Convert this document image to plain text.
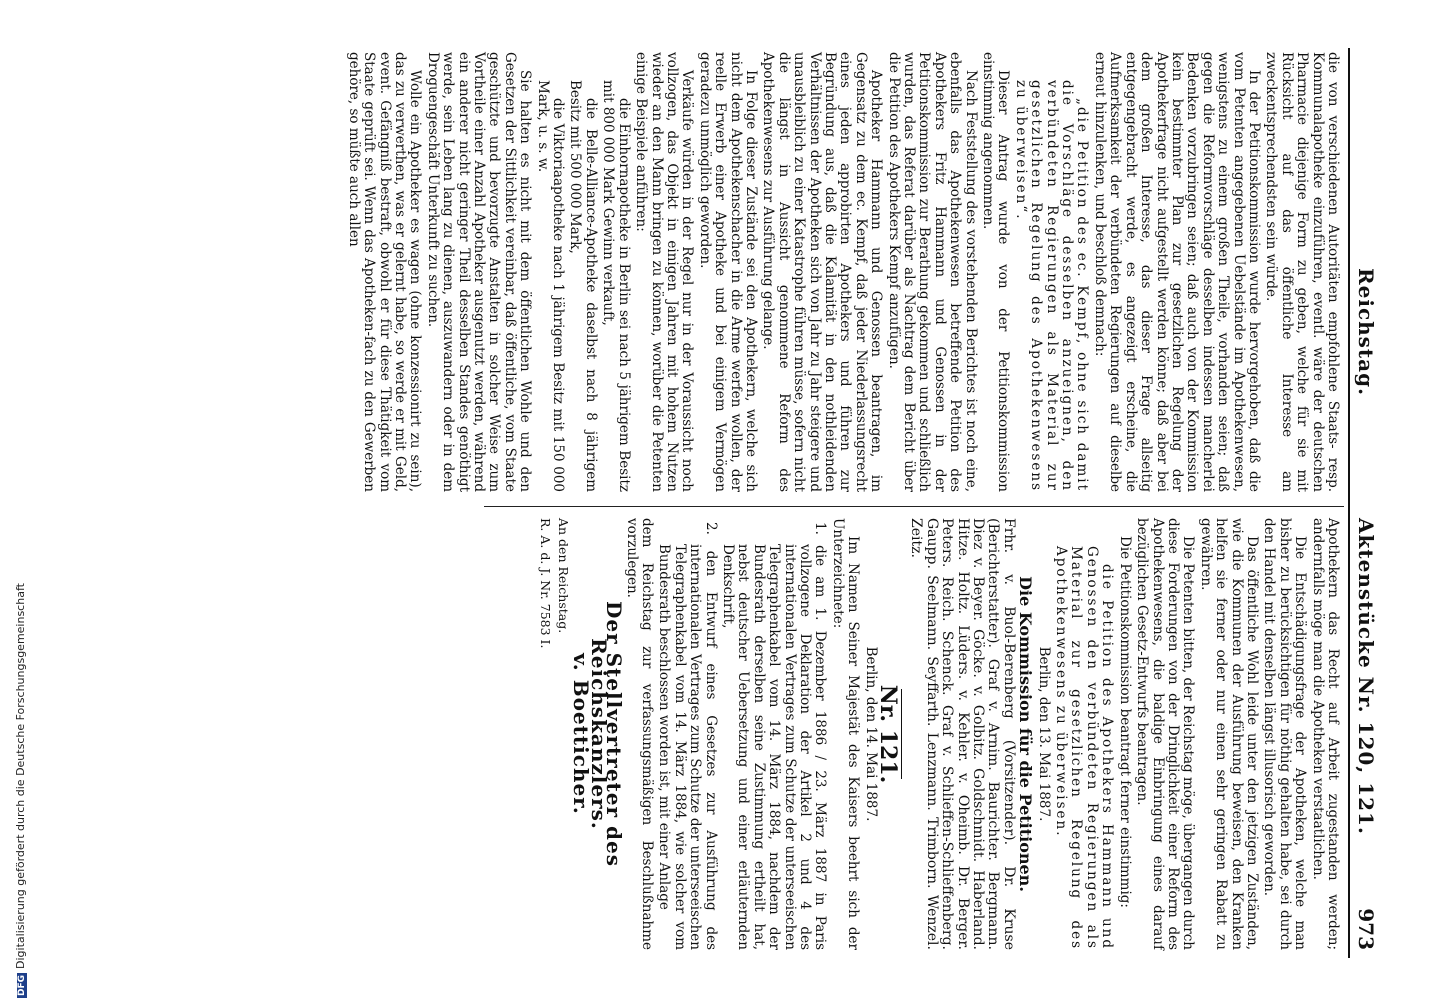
DFGDigitalisierung gefördert durch die Deutsche Forschungsgemeinschaft
Reichstag.
Aktenstücke Nr. 120, 121.
973

die von verschiedenen Autoritäten empfohlene Staats- resp. Kommunalapotheke einzuführen, eventl. wäre der deutschen Pharmacie diejenige Form zu geben, welche für sie mit Rücksicht auf das öffentliche Interesse am zweckentsprechendsten sein würde.

In der Petitionskommission wurde hervorgehoben, daß die vom Petenten angegebenen Uebelstände im Apothekenwesen, wenigstens zu einem großen Theile, vorhanden seien; daß gegen die Reformvorschläge desselben indessen mancherlei Bedenken vorzubringen seien; daß auch von der Kommission kein bestimmter Plan zur gesetzlichen Regelung der Apothekerfrage nicht aufgestellt werden könne; daß aber bei dem großen Interesse, das dieser Frage allseitig entgegengebracht werde, es angezeigt erscheine, die Aufmerksamkeit der verbündeten Regierungen auf dieselbe erneut hinzulenken, und beschloß demnach:

„die Petition des ec. Kempf, ohne sich damit die Vorschläge desselben anzueignen, den verbündeten Regierungen als Material zur gesetzlichen Regelung des Apothekenwesens zu überweisen“.

Dieser Antrag wurde von der Petitionskommission einstimmig angenommen.

Nach Feststellung des vorstehenden Berichtes ist noch eine, ebenfalls das Apothekenwesen betreffende Petition des Apothekers Fritz Hammann und Genossen in der Petitionskommission zur Berathung gekommen und schließlich wurden, das Referat darüber als Nachtrag dem Bericht über die Petition des Apothekers Kempf anzufügen.

Apotheker Hammann und Genossen beantragen, im Gegensatz zu dem ec. Kempf, daß jeder Niederlassungsrecht eines jeden approbirten Apothekers und führen zur Begründung aus, daß die Kalamität in den nothleidenden Verhältnissen der Apotheken sich von Jahr zu Jahr steigere und unausbleiblich zu einer Katastrophe führen müsse, sofern nicht die längst in Aussicht genommene Reform des Apothekenwesens zur Ausführung gelange.

In Folge dieser Zustände sei den Apothekern, welche sich nicht dem Apothekenschacher in die Arme werfen wollen, der reelle Erwerb einer Apotheke und bei einigem Vermögen geradezu unmöglich geworden.

Verkäufe würden in der Regel nur in der Voraussicht noch vollzogen, das Objekt in einigen Jahren mit hohem Nutzen wieder an den Mann bringen zu können, worüber die Petenten einige Beispiele anführen:

die Einhornapotheke in Berlin sei nach 5 jährigem Besitz mit 800 000 Mark Gewinn verkauft,

die Belle-Alliance-Apotheke daselbst nach 8 jährigem Besitz mit 500 000 Mark,

die Viktoriaapotheke nach 1 jährigem Besitz mit 150 000 Mark, u. s. w.

Sie halten es nicht mit dem öffentlichen Wohle und den Gesetzen der Sittlichkeit vereinbar, daß öffentliche, vom Staate geschützte und bevorzugte Anstalten in solcher Weise zum Vortheile einer Anzahl Apotheker ausgenutzt werden, während ein anderer nicht geringer Theil desselben Standes genöthigt werde, sein Leben lang zu dienen, auszuwandern oder in dem Droguengeschäft Unterkunft zu suchen.

Wolle ein Apotheker es wagen (ohne konzessionirt zu sein), das zu verwerthen, was er gelernt habe, so werde er mit Geld, event. Gefängniß bestraft, obwohl er für diese Thätigkeit vom Staate geprüft sei. Wenn das Apotheken-fach zu den Gewerben gehöre, so müßte auch allen

Apothekern das Recht auf Arbeit zugestanden werden; andernfalls möge man die Apotheken verstaatlichen.

Die Entschädigungsfrage der Apotheken, welche man bisher zu berücksichtigen für nöthig gehalten habe, sei durch den Handel mit denselben längst illusorisch geworden.

Das öffentliche Wohl leide unter den jetzigen Zuständen, wie die Kommunen der Ausführung beweisen, den Kranken helfen sie ferner oder nur einen sehr geringen Rabatt zu gewähren.

Die Petenten bitten, der Reichstag möge, übergangen durch diese Forderungen von der Dringlichkeit einer Reform des Apothekenwesens, die baldige Einbringung eines darauf bezüglichen Gesetz-Entwurfs beantragen.

Die Petitionskommission beantragt ferner einstimmig:

die Petition des Apothekers Hammann und Genossen den verbündeten Regierungen als Material zur gesetzlichen Regelung des Apothekenwesens zu überweisen.

Berlin, den 13. Mai 1887.

Die Kommission für die Petitionen.

Frhr. v. Buol-Berenberg (Vorsitzender). Dr. Kruse (Berichterstatter). Graf v. Arnim. Baurichter. Bergmann. Diez v. Beyer. Göcke. v. Golbitz. Goldschmidt. Haberland. Hitze. Holtz. Lüders. v. Kehler. v. Oheimb. Dr. Berger. Peters. Reich. Schenck. Graf v. Schlieffen-Schlieffenberg. Gaupp. Seelmann. Seyffarth. Lenzmann. Trimborn. Wenzel. Zeitz.

Nr. 121.

Berlin, den 14. Mai 1887.

Im Namen Seiner Majestät des Kaisers beehrt sich der Unterzeichnete:

1. die am 1. Dezember 1886 / 23. März 1887 in Paris vollzogene Deklaration der Artikel 2 und 4 des internationalen Vertrages zum Schutze der unterseeischen Telegraphenkabel vom 14. März 1884, nachdem der Bundesrath derselben seine Zustimmung ertheilt hat, nebst deutscher Uebersetzung und einer erläuternden Denkschrift,

2. den Entwurf eines Gesetzes zur Ausführung des internationalen Vertrages zum Schutze der unterseeischen Telegraphenkabel vom 14. März 1884, wie solcher vom Bundesrath beschlossen worden ist, mit einer Anlage

dem Reichstag zur verfassungsmäßigen Beschlußnahme vorzulegen.

Der Stellvertreter des Reichskanzlers.

v. Boetticher.

An den Reichstag.

R. A. d. J. Nr. 7583 I.
